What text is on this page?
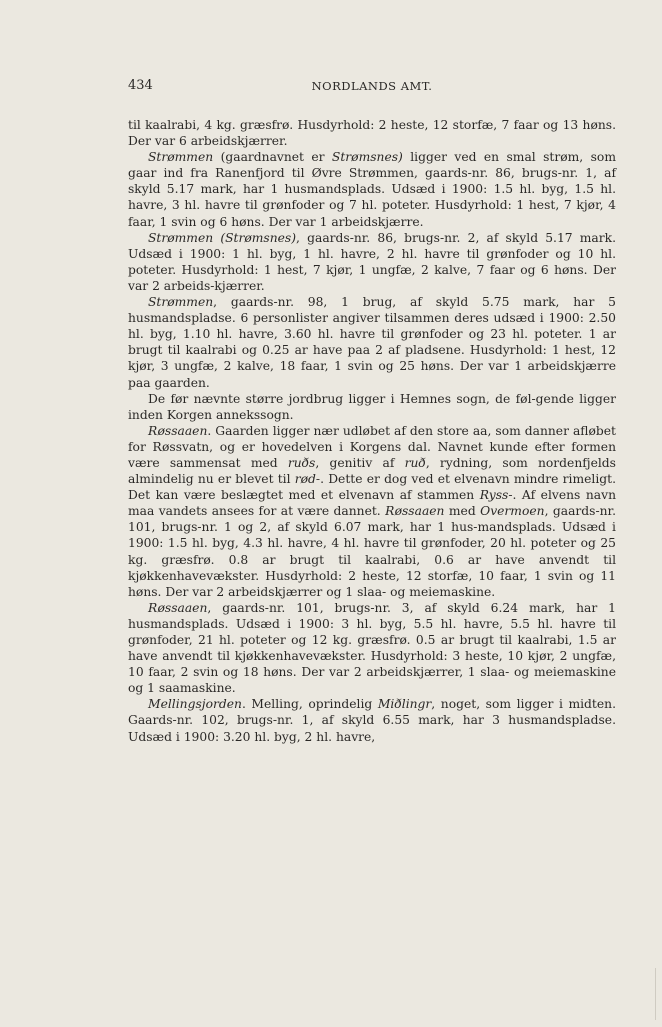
434	NORDLANDS AMT.

til kaalrabi, 4 kg. græsfrø. Husdyrhold: 2 heste, 12 storfæ, 7 faar og 13 høns. Der var 6 arbeidskjærrer.

Strømmen (gaardnavnet er Strømsnes) ligger ved en smal strøm, som gaar ind fra Ranenfjord til Øvre Strømmen, gaards-nr. 86, brugs-nr. 1, af skyld 5.17 mark, har 1 husmandsplads. Udsæd i 1900: 1.5 hl. byg, 1.5 hl. havre, 3 hl. havre til grønfoder og 7 hl. poteter. Husdyrhold: 1 hest, 7 kjør, 4 faar, 1 svin og 6 høns. Der var 1 arbeidskjærre.

Strømmen (Strømsnes), gaards-nr. 86, brugs-nr. 2, af skyld 5.17 mark. Udsæd i 1900: 1 hl. byg, 1 hl. havre, 2 hl. havre til grønfoder og 10 hl. poteter. Husdyrhold: 1 hest, 7 kjør, 1 ungfæ, 2 kalve, 7 faar og 6 høns. Der var 2 arbeids-kjærrer.

Strømmen, gaards-nr. 98, 1 brug, af skyld 5.75 mark, har 5 husmandspladse. 6 personlister angiver tilsammen deres udsæd i 1900: 2.50 hl. byg, 1.10 hl. havre, 3.60 hl. havre til grønfoder og 23 hl. poteter. 1 ar brugt til kaalrabi og 0.25 ar have paa 2 af pladsene. Husdyrhold: 1 hest, 12 kjør, 3 ungfæ, 2 kalve, 18 faar, 1 svin og 25 høns. Der var 1 arbeidskjærre paa gaarden.

De før nævnte større jordbrug ligger i Hemnes sogn, de føl-gende ligger inden Korgen annekssogn.

Røssaaen. Gaarden ligger nær udløbet af den store aa, som danner afløbet for Røssvatn, og er hovedelven i Korgens dal. Navnet kunde efter formen være sammensat med ruðs, genitiv af ruð, rydning, som nordenfjelds almindelig nu er blevet til rød-. Dette er dog ved et elvenavn mindre rimeligt. Det kan være beslægtet med et elvenavn af stammen Ryss-. Af elvens navn maa vandets ansees for at være dannet. Røssaaen med Overmoen, gaards-nr. 101, brugs-nr. 1 og 2, af skyld 6.07 mark, har 1 hus-mandsplads. Udsæd i 1900: 1.5 hl. byg, 4.3 hl. havre, 4 hl. havre til grønfoder, 20 hl. poteter og 25 kg. græsfrø. 0.8 ar brugt til kaalrabi, 0.6 ar have anvendt til kjøkkenhavevækster. Husdyrhold: 2 heste, 12 storfæ, 10 faar, 1 svin og 11 høns. Der var 2 arbeidskjærrer og 1 slaa- og meiemaskine.

Røssaaen, gaards-nr. 101, brugs-nr. 3, af skyld 6.24 mark, har 1 husmandsplads. Udsæd i 1900: 3 hl. byg, 5.5 hl. havre, 5.5 hl. havre til grønfoder, 21 hl. poteter og 12 kg. græsfrø. 0.5 ar brugt til kaalrabi, 1.5 ar have anvendt til kjøkkenhavevækster. Husdyrhold: 3 heste, 10 kjør, 2 ungfæ, 10 faar, 2 svin og 18 høns. Der var 2 arbeidskjærrer, 1 slaa- og meiemaskine og 1 saamaskine.

Mellingsjorden. Melling, oprindelig Miðlingr, noget, som ligger i midten. Gaards-nr. 102, brugs-nr. 1, af skyld 6.55 mark, har 3 husmandspladse. Udsæd i 1900: 3.20 hl. byg, 2 hl. havre,
